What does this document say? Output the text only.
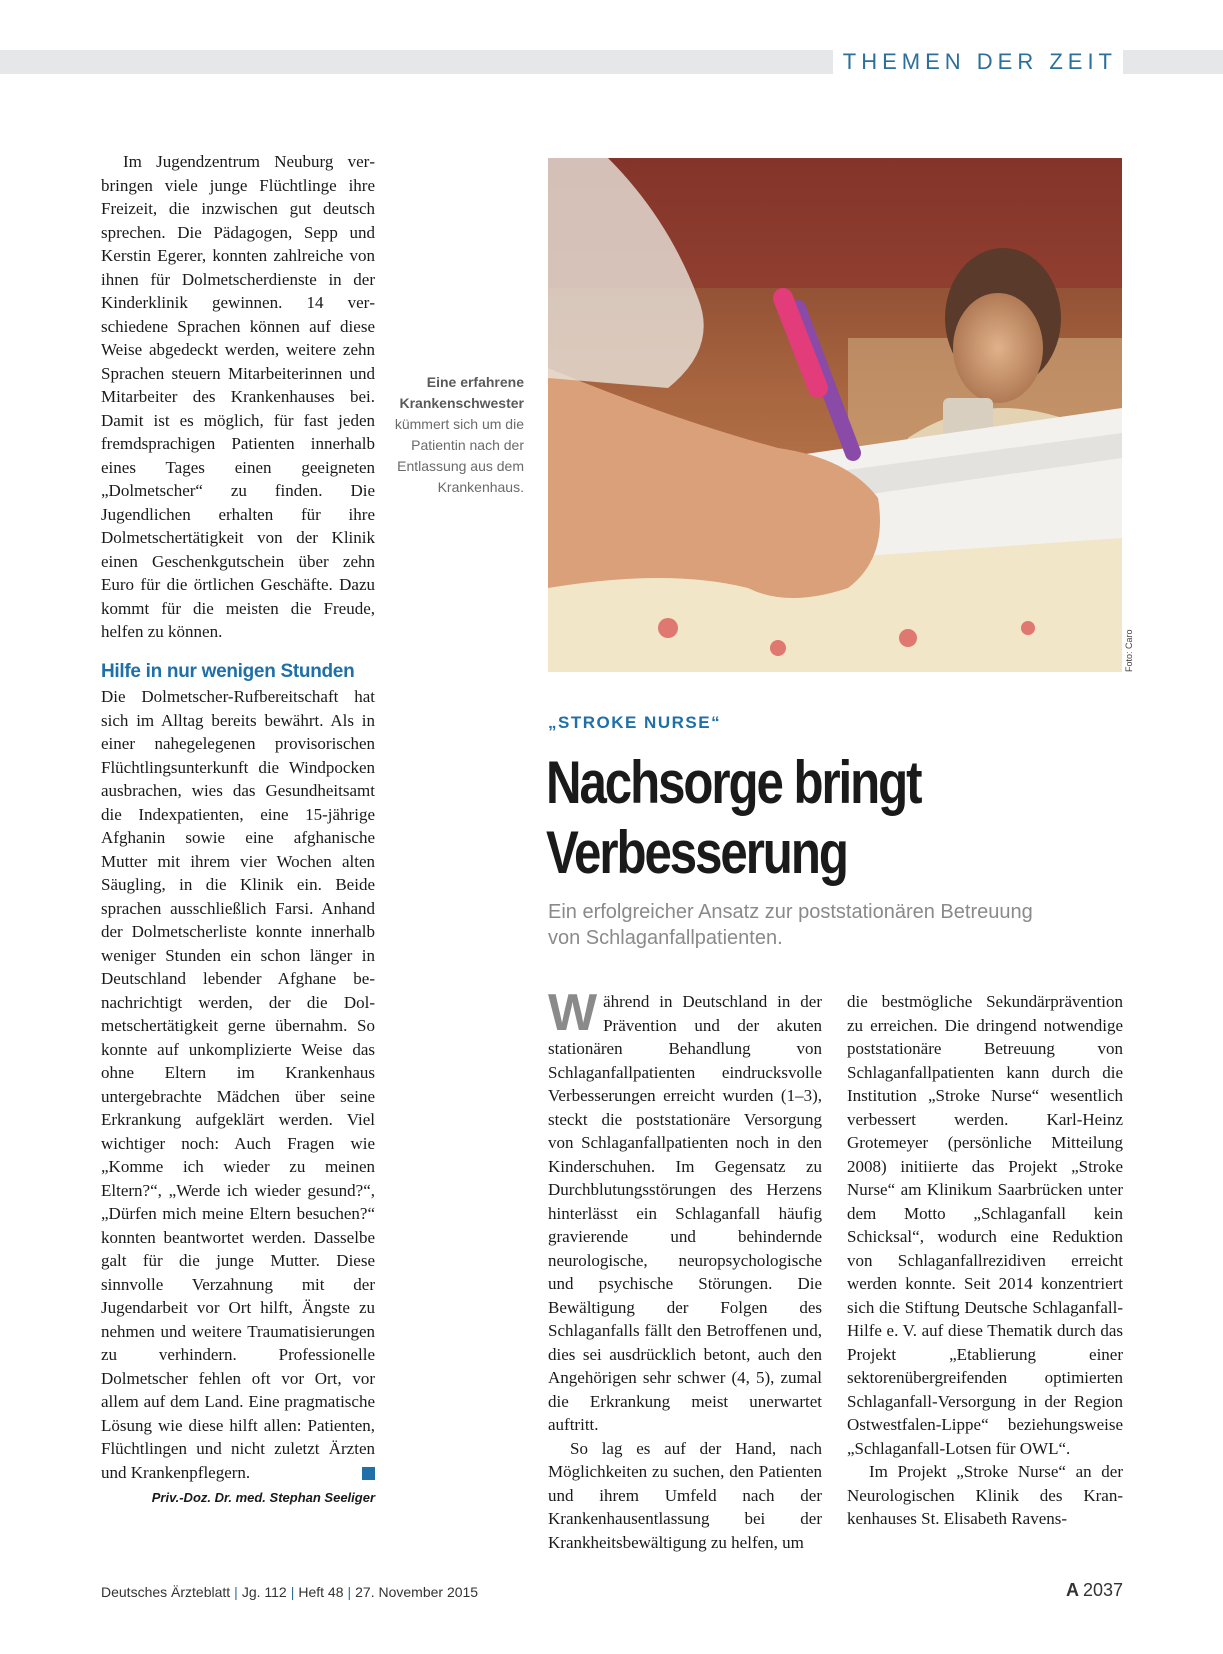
THEMEN DER ZEIT

Im Jugendzentrum Neuburg verbringen viele junge Flüchtlinge ihre Freizeit, die inzwischen gut deutsch sprechen. Die Pädagogen, Sepp und Kerstin Egerer, konnten zahlreiche von ihnen für Dolmetscherdienste in der Kinderklinik gewinnen. 14 verschiedene Sprachen können auf diese Weise abgedeckt werden, weitere zehn Sprachen steuern Mitarbeiterinnen und Mitarbeiter des Krankenhauses bei. Damit ist es möglich, für fast jeden fremdsprachigen Patienten innerhalb eines Tages einen geeigneten „Dolmetscher“ zu finden. Die Jugendlichen erhalten für ihre Dolmetschertätigkeit von der Klinik einen Geschenkgutschein über zehn Euro für die örtlichen Geschäfte. Dazu kommt für die meisten die Freude, helfen zu können.

Hilfe in nur wenigen Stunden

Die Dolmetscher-Rufbereitschaft hat sich im Alltag bereits bewährt. Als in einer nahegelegenen provisorischen Flüchtlingsunterkunft die Windpocken ausbrachen, wies das Gesundheitsamt die Indexpatienten, eine 15-jährige Afghanin sowie eine afghanische Mutter mit ihrem vier Wochen alten Säugling, in die Klinik ein. Beide sprachen ausschließlich Farsi. Anhand der Dolmetscherliste konnte innerhalb weniger Stunden ein schon länger in Deutschland lebender Afghane benachrichtigt werden, der die Dolmetschertätigkeit gerne übernahm. So konnte auf unkomplizierte Weise das ohne Eltern im Krankenhaus untergebrachte Mädchen über seine Erkrankung aufgeklärt werden. Viel wichtiger noch: Auch Fragen wie „Komme ich wieder zu meinen Eltern?“, „Werde ich wieder gesund?“, „Dürfen mich meine Eltern besuchen?“ konnten beantwortet werden. Dasselbe galt für die junge Mutter. Diese sinnvolle Verzahnung mit der Jugendarbeit vor Ort hilft, Ängste zu nehmen und weitere Traumatisierungen zu verhindern. Professionelle Dolmetscher fehlen oft vor Ort, vor allem auf dem Land. Eine pragmatische Lösung wie diese hilft allen: Patienten, Flüchtlingen und nicht zuletzt Ärzten und Krankenpflegern.

Priv.-Doz. Dr. med. Stephan Seeliger
Eine erfahrene Krankenschwester kümmert sich um die Patientin nach der Entlassung aus dem Krankenhaus.
Foto: Caro
„STROKE NURSE“
Nachsorge bringt
Verbesserung
Ein erfolgreicher Ansatz zur poststationären Betreuung von Schlaganfallpatienten.

Während in Deutschland in der Prävention und der akuten stationären Behandlung von Schlaganfallpatienten eindrucksvolle Verbesserungen erreicht wurden (1–3), steckt die poststationäre Versorgung von Schlaganfallpatienten noch in den Kinderschuhen. Im Gegensatz zu Durchblutungsstörungen des Herzens hinterlässt ein Schlaganfall häufig gravierende und behindernde neurologische, neuropsychologische und psychische Störungen. Die Bewältigung der Folgen des Schlaganfalls fällt den Betroffenen und, dies sei ausdrücklich betont, auch den Angehörigen sehr schwer (4, 5), zumal die Erkrankung meist unerwartet auftritt.

So lag es auf der Hand, nach Möglichkeiten zu suchen, den Patienten und ihrem Umfeld nach der Krankenhausentlassung bei der Krankheitsbewältigung zu helfen, um

die bestmögliche Sekundärprävention zu erreichen. Die dringend notwendige poststationäre Betreuung von Schlaganfallpatienten kann durch die Institution „Stroke Nurse“ wesentlich verbessert werden. Karl-Heinz Grotemeyer (persönliche Mitteilung 2008) initiierte das Projekt „Stroke Nurse“ am Klinikum Saarbrücken unter dem Motto „Schlaganfall kein Schicksal“, wodurch eine Reduktion von Schlaganfallrezidiven erreicht werden konnte. Seit 2014 konzentriert sich die Stiftung Deutsche Schlaganfall-Hilfe e. V. auf diese Thematik durch das Projekt „Etablierung einer sektorenübergreifenden optimierten Schlaganfall-Versorgung in der Region Ostwestfalen-Lippe“ beziehungsweise „Schlaganfall-Lotsen für OWL“.

Im Projekt „Stroke Nurse“ an der Neurologischen Klinik des Krankenhauses St. Elisabeth Ravens-

Deutsches Ärzteblatt | Jg. 112 | Heft 48 | 27. November 2015	A 2037
